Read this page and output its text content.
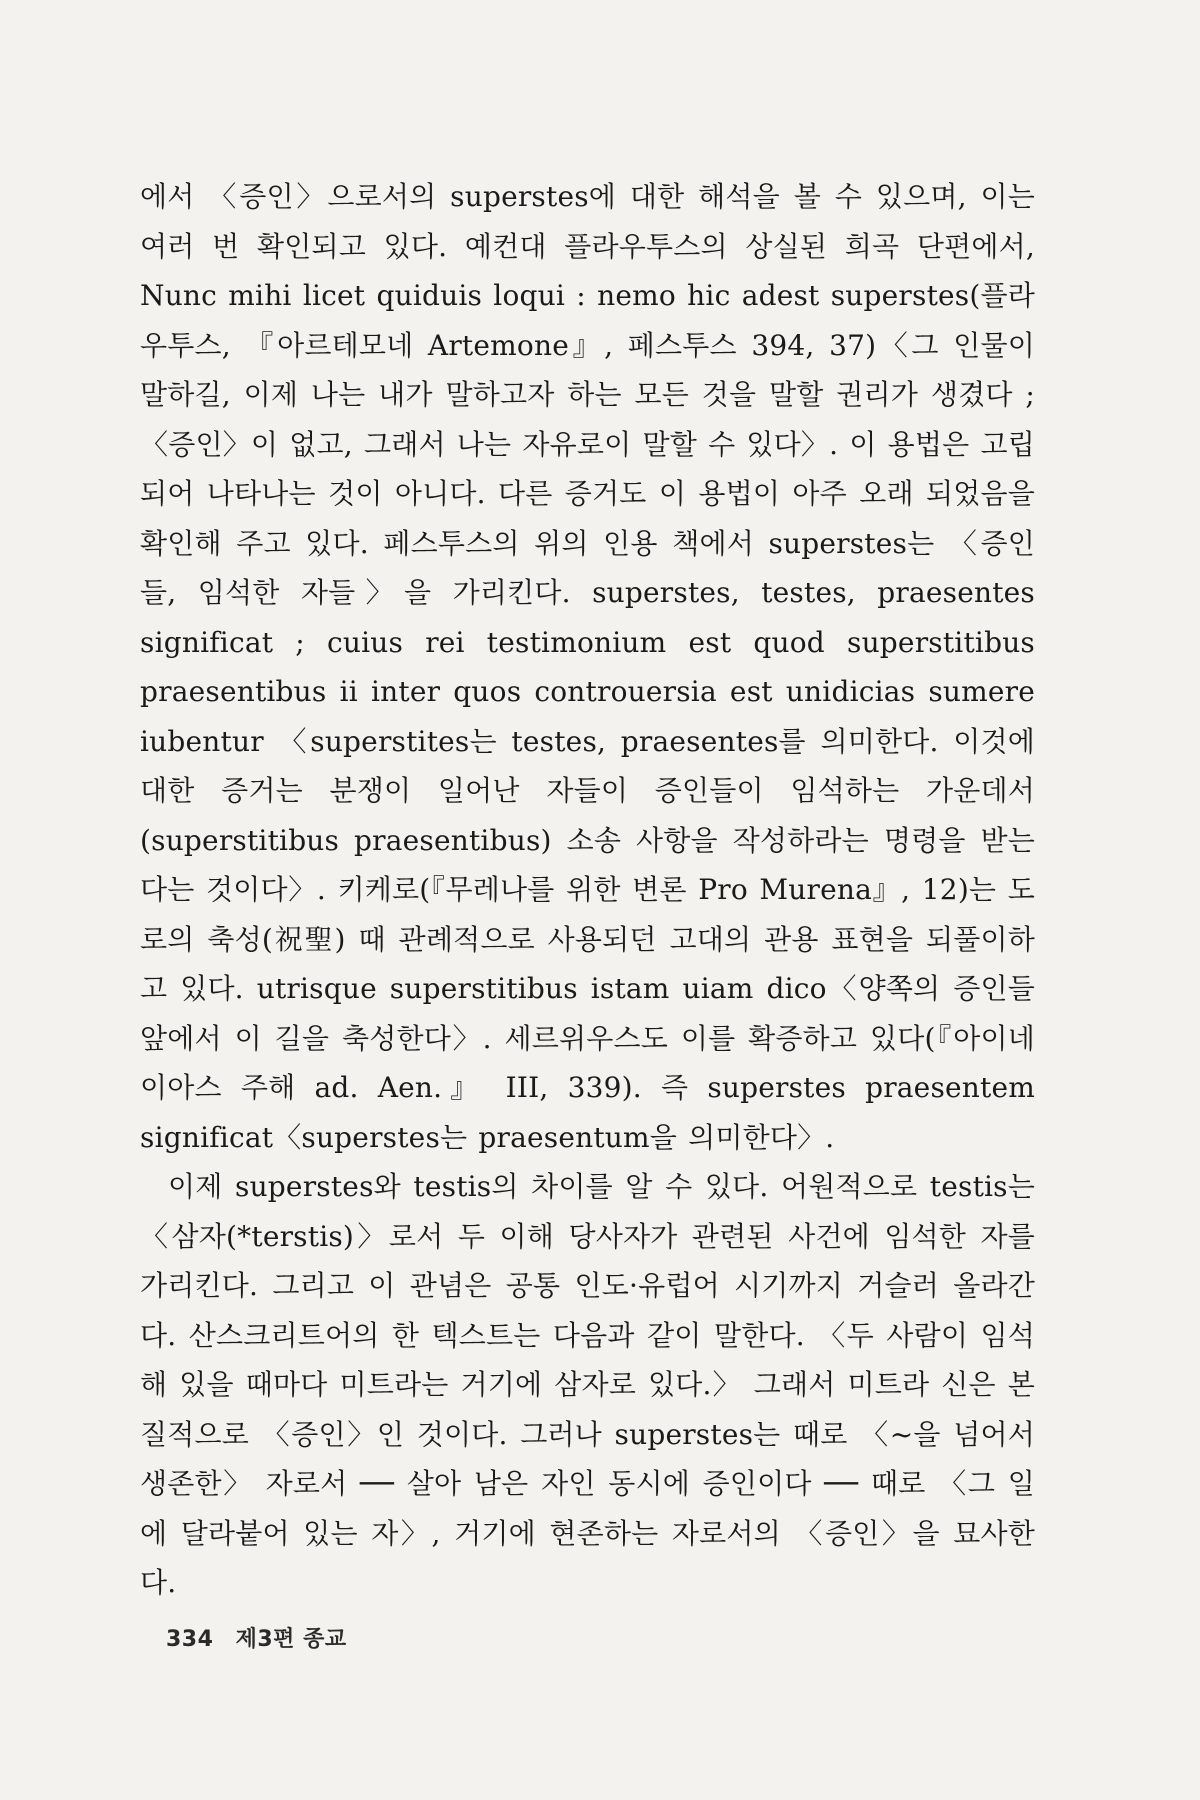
에서 〈증인〉으로서의 superstes에 대한 해석을 볼 수 있으며, 이는 여러 번 확인되고 있다. 예컨대 플라우투스의 상실된 희곡 단편에서, Nunc mihi licet quiduis loqui : nemo hic adest superstes(플라우투스, 『아르테모네 Artemone』, 페스투스 394, 37)〈그 인물이 말하길, 이제 나는 내가 말하고자 하는 모든 것을 말할 권리가 생겼다 ; 〈증인〉이 없고, 그래서 나는 자유로이 말할 수 있다〉. 이 용법은 고립되어 나타나는 것이 아니다. 다른 증거도 이 용법이 아주 오래 되었음을 확인해 주고 있다. 페스투스의 위의 인용 책에서 superstes는 〈증인들, 임석한 자들〉을 가리킨다. superstes, testes, praesentes significat ; cuius rei testimonium est quod superstitibus praesentibus ii inter quos controuersia est unidicias sumere iubentur 〈superstites는 testes, praesentes를 의미한다. 이것에 대한 증거는 분쟁이 일어난 자들이 증인들이 임석하는 가운데서(superstitibus praesentibus) 소송 사항을 작성하라는 명령을 받는다는 것이다〉. 키케로(『무레나를 위한 변론 Pro Murena』, 12)는 도로의 축성(祝聖) 때 관례적으로 사용되던 고대의 관용 표현을 되풀이하고 있다. utrisque superstitibus istam uiam dico〈양쪽의 증인들 앞에서 이 길을 축성한다〉. 세르위우스도 이를 확증하고 있다(『아이네이아스 주해 ad. Aen.』 III, 339). 즉 superstes praesentem significat〈superstes는 praesentum을 의미한다〉.

이제 superstes와 testis의 차이를 알 수 있다. 어원적으로 testis는 〈삼자(*terstis)〉로서 두 이해 당사자가 관련된 사건에 임석한 자를 가리킨다. 그리고 이 관념은 공통 인도·유럽어 시기까지 거슬러 올라간다. 산스크리트어의 한 텍스트는 다음과 같이 말한다. 〈두 사람이 임석해 있을 때마다 미트라는 거기에 삼자로 있다.〉 그래서 미트라 신은 본질적으로 〈증인〉인 것이다. 그러나 superstes는 때로 〈~을 넘어서 생존한〉 자로서 ── 살아 남은 자인 동시에 증인이다 ── 때로 〈그 일에 달라붙어 있는 자〉, 거기에 현존하는 자로서의 〈증인〉을 묘사한다.

334 제3편 종교
